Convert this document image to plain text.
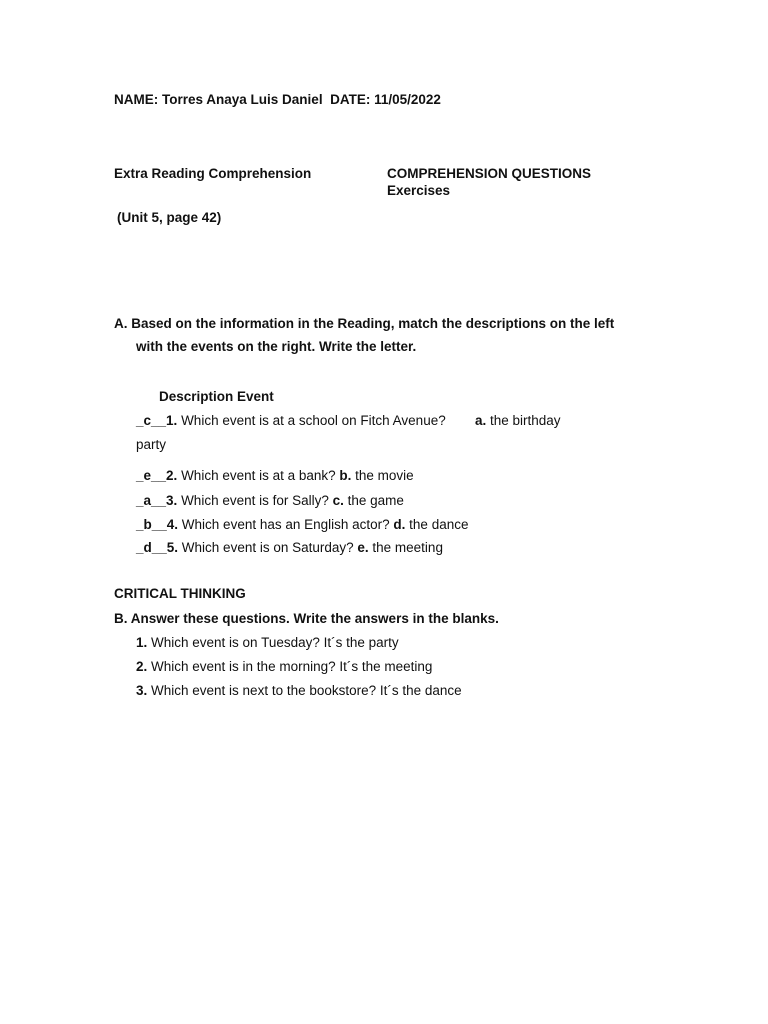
NAME: Torres Anaya Luis Daniel DATE: 11/05/2022
Extra Reading Comprehension	COMPREHENSION QUESTIONS
Exercises
(Unit 5, page 42)
A. Based on the information in the Reading, match the descriptions on the left
with the events on the right. Write the letter.
Description Event
_c__1. Which event is at a school on Fitch Avenue? a. the birthday
party
_e__2. Which event is at a bank? b. the movie
_a__3. Which event is for Sally? c. the game
_b__4. Which event has an English actor? d. the dance
_d__5. Which event is on Saturday? e. the meeting
CRITICAL THINKING
B. Answer these questions. Write the answers in the blanks.
1. Which event is on Tuesday? It´s the party
2. Which event is in the morning? It´s the meeting
3. Which event is next to the bookstore? It´s the dance
